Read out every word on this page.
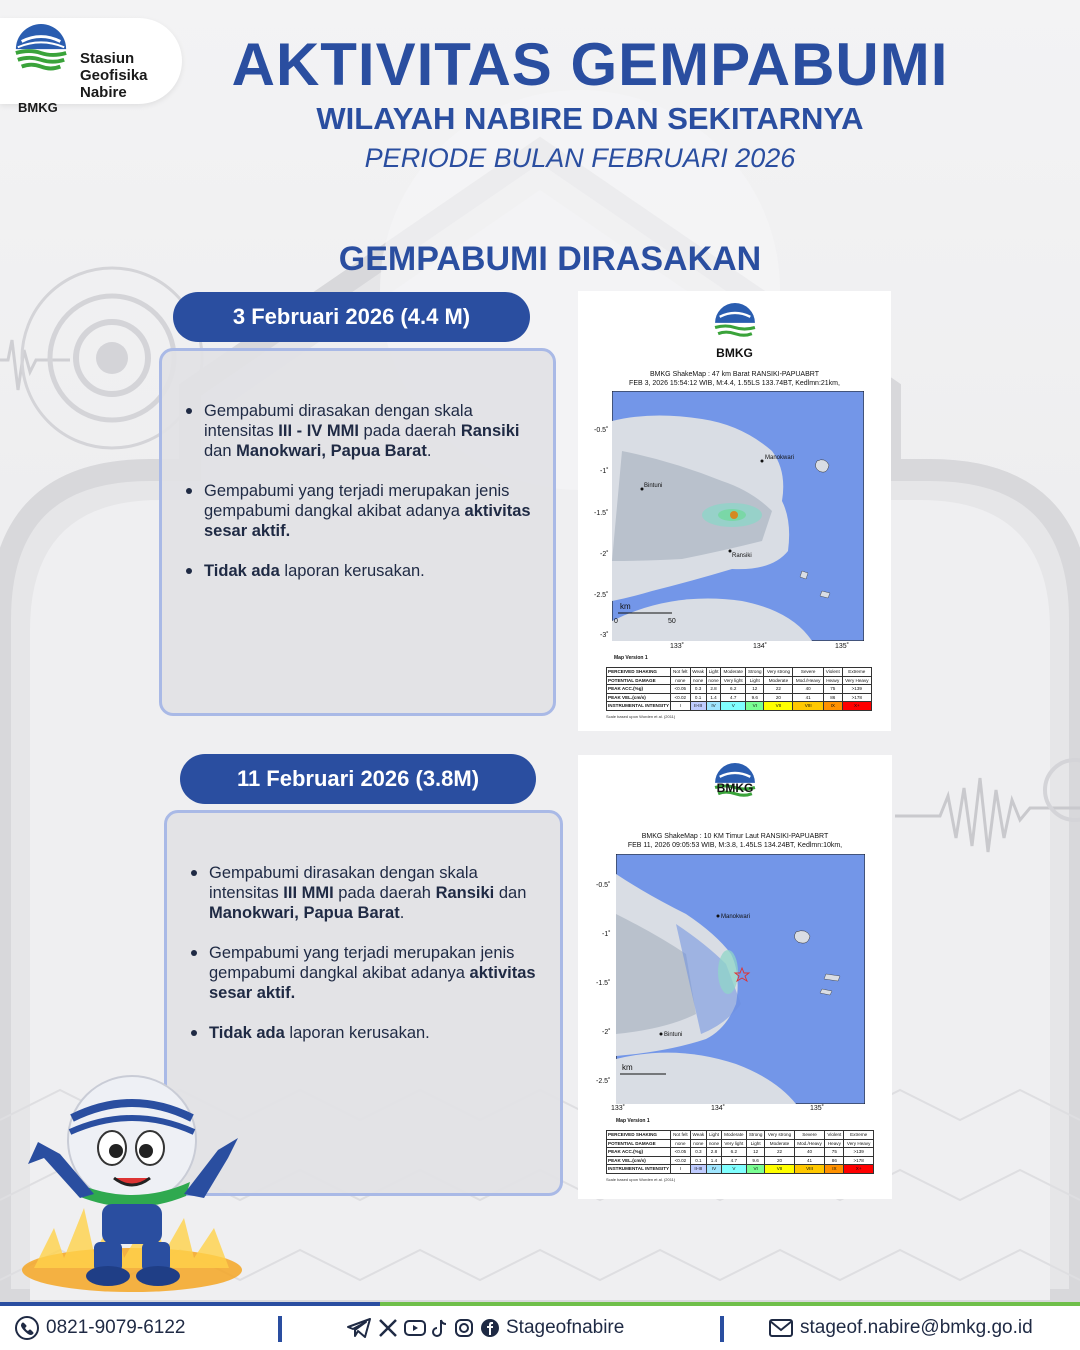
BMKG
Stasiun
Geofisika
Nabire	AKTIVITAS GEMPABUMI
WILAYAH NABIRE DAN SEKITARNYA
PERIODE BULAN FEBRUARI 2026
GEMPABUMI DIRASAKAN
3 Februari 2026 (4.4 M)
Gempabumi dirasakan dengan skala intensitas III - IV MMI pada daerah Ransiki dan Manokwari, Papua Barat.
Gempabumi yang terjadi merupakan jenis gempabumi dangkal akibat adanya aktivitas sesar aktif.
Tidak ada laporan kerusakan.
BMKG
BMKG ShakeMap : 47 km Barat RANSIKI-PAPUABRT
FEB 3, 2026 15:54:12 WIB, M:4.4, 1.55LS 133.74BT, Kedlmn:21km,
Manokwari
Ransiki
Bintuni
km
0	50
-0.5˚
-1˚
-1.5˚
-2˚
-2.5˚
-3˚
133˚	134˚	135˚
Map Version 1
PERCEIVED SHAKING	Not felt	Weak	Light	Moderate	Strong	Very strong	Severe	Violent	Extreme
POTENTIAL DAMAGE	none	none	none	Very light	Light	Moderate	Mod./Heavy	Heavy	Very Heavy
PEAK ACC.(%g)	<0.05	0.3	2.8	6.2	12	22	40	75	>139
PEAK VEL.(cm/s)	<0.02	0.1	1.4	4.7	9.6	20	41	86	>178
INSTRUMENTAL INTENSITY	I	II-III	IV	V	VI	VII	VIII	IX	X+
Scale based upon Worden et al. (2011)
11 Februari 2026 (3.8M)
Gempabumi dirasakan dengan skala intensitas III MMI pada daerah Ransiki dan Manokwari, Papua Barat.
Gempabumi yang terjadi merupakan jenis gempabumi dangkal akibat adanya aktivitas sesar aktif.
Tidak ada laporan kerusakan.
BMKG
BMKG ShakeMap : 10 KM Timur Laut RANSIKI-PAPUABRT
FEB 11, 2026 09:05:53 WIB, M:3.8, 1.45LS 134.24BT, Kedlmn:10km,
Manokwari
Bintuni
km
-0.5˚
-1˚
-1.5˚
-2˚
-2.5˚
133˚	134˚	135˚
Map Version 1
PERCEIVED SHAKING	Not felt	Weak	Light	Moderate	Strong	Very strong	Severe	Violent	Extreme
POTENTIAL DAMAGE	none	none	none	Very light	Light	Moderate	Mod./Heavy	Heavy	Very Heavy
PEAK ACC.(%g)	<0.05	0.3	2.8	6.2	12	22	40	75	>139
PEAK VEL.(cm/s)	<0.02	0.1	1.4	4.7	9.6	20	41	86	>178
INSTRUMENTAL INTENSITY	I	II-III	IV	V	VI	VII	VIII	IX	X+
Scale based upon Worden et al. (2011)
0821-9079-6122	Stageofnabire	stageof.nabire@bmkg.go.id
